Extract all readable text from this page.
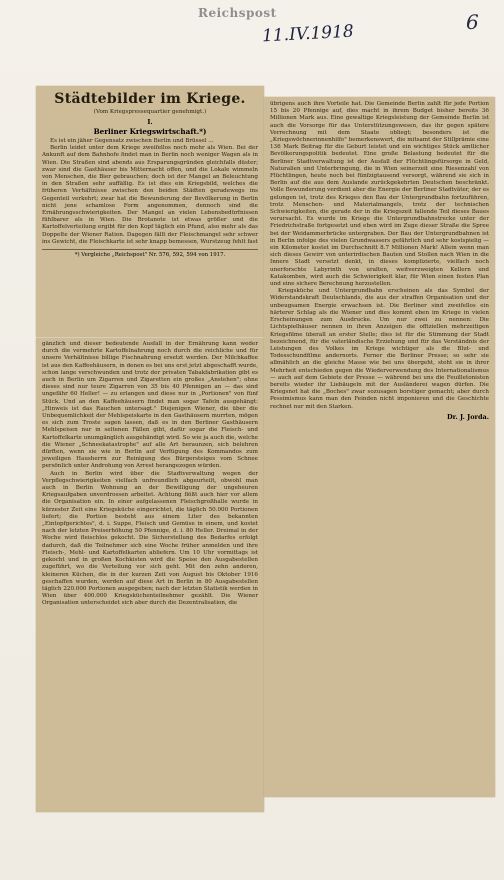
Reichspost
11.IV.1918	6
Städtebilder im Kriege.
(Vom Kriegspressequartier genehmigt.)
I.
Berliner Kriegswirtschaft.*)

Es ist ein jäher Gegensatz zwischen Berlin und Brüssel ...

Berlin leidet unter dem Kriege zweifellos noch mehr als Wien. Bei der Ankunft auf dem Bahnhofe findet man in Berlin noch weniger Wagen als in Wien. Die Straßen sind abends aus Ersparungsgründen gleichfalls düster; zwar sind die Gasthäuser bis Mitternacht offen, und die Lokale wimmeln von Menschen, die Bier gebrauchen; doch ist der Mangel an Beleuchtung in den Straßen sehr auffällig. Es ist dies ein Kriegsbild, welches die früheren Verhältnisse zwischen den beiden Städten geradewegs ins Gegenteil verkehrt; zwar hat die Bewunderung der Bevölkerung in Berlin nicht jene schamlose Form angenommen, dennoch sind die Ernährungsschwierigkeiten. Der Mangel an vielen Lebensbedürfnissen fühlbarer als in Wien. Die Brotanote ist etwas größer und die Kartoffelverteilung ergibt für den Kopf täglich ein Pfund, also mehr als das Doppelte der Wiener Ration. Dagegen fällt der Fleischmangel sehr schwer ins Gewicht, die Fleischkarte ist sehr knapp bemessen, Wurstzeug fehlt fast

*) Vergleiche „Reichspost" Nr. 576, 592, 594 von 1917.

gänzlich und dieser bedeutende Ausfall in der Ernährung kann weder durch die vermehrte Kartoffelnahrung noch durch die reichliche und für unsere Verhältnisse billige Fischnahrung ersetzt werden. Der Milchkaffee ist aus den Kaffeehäusern, in denen es bei uns erst jetzt abgeschafft wurde, schon lange verschwunden und trotz der privaten Tabakfabrikation gibt es auch in Berlin um Zigarren und Zigaretten ein großes „Anstehen"; ohne dieses sind nur teure Zigarren von 35 bis 40 Pfennigen an — das sind ungefähr 60 Heller! — zu erlangen und diese nur in „Portionen" von fünf Stück. Und an den Kaffeehäusern findet man sogar Tafeln ausgehängt: „Hinweis ist das Rauchen untersagt." Diejenigen Wiener, die über die Unbequemlichkeit der Mehlspeiskarte in den Gasthäusern murrten, mögen es sich zum Troste sagen lassen, daß es in den Berliner Gasthäusern Mehlspeisen nur in seltenen Fällen gibt, dafür sogar die Fleisch- und Kartoffelkarte unumgänglich ausgehändigt wird. So wie ja auch die, welche die Wiener „Schneekatastrophe" auf alle Art beraunzen, sich belehren dürften, wenn sie wie in Berlin auf Verfügung des Kommandos zum jeweiligen Hausherrn zur Reinigung des Bürgersteiges vom Schnee persönlich unter Androhung von Arrest herangezogen würden.

Auch in Berlin wird über die Stadtverwaltung wegen der Verpflegschwierigkeiten vielfach unfreundlich abgeurteilt, obwohl man auch in Berlin Wohnung an der Bewilligung der ungeheuren Kriegsaufgaben unverdrossen arbeitet. Achtung flößt auch hier vor allem die Organisation ein. In einer aufgelassenen Fleischgroßhalle wurde in kürzester Zeit eine Kriegsküche eingerichtet, die täglich 50.000 Portionen liefert; die Portion besteht aus einem Liter des bekannten „Eintopfgerichtes", d. i. Suppe, Fleisch und Gemüse in einem, und kostet nach der letzten Preiserhöhung 50 Pfennige, d. i. 80 Heller. Dreimal in der Woche wird fleischlos gekocht. Die Sicherstellung des Bedarfes erfolgt dadurch, daß die Teilnehmer sich eine Woche früher anmelden und ihre Fleisch-, Mehl- und Kartoffelkarten abliefern. Um 10 Uhr vormittags ist gekocht und in großen Kochkisten wird die Speise den Ausgabestellen zugeführt, wo die Verteilung vor sich geht. Mit den zehn anderen, kleineren Küchen, die in der kurzen Zeit von August bis Oktober 1916 geschaffen wurden, werden auf diese Art in Berlin in 80 Ausgabestellen täglich 220.000 Portionen ausgegeben; nach der letzten Statistik werden in Wien über 400.000 Kriegsküchenteilnehmer gezählt. Die Wiener Organisation unterscheidet sich aber durch die Dezentralisation, die

übrigens auch ihre Vorteile hat. Die Gemeinde Berlin zahlt für jede Portion 15 bis 20 Pfennige auf, dies macht in ihrem Budget bisher bereits 36 Millionen Mark aus. Eine gewaltige Kriegsleistung der Gemeinde Berlin ist auch die Vorsorge für das Unterstützungswesen, das ihr gegen spätere Verrechnung mit dem Staate obliegt; besonders ist die „Kriegswöchnerinnenhilfe" bemerkenswert, die mitsamt der Stillprämie eine 136 Mark Beitrag für die Geburt leistet und ein wichtiges Stück amtlicher Bevölkerungspolitik bedeutet. Eine große Belastung bedeutet für die Berliner Stadtverwaltung ist der Ausfall der Flüchtlingsfürsorge in Geld, Naturalien und Unterbringung, die in Wien seinerzeit eine Riesenzahl von Flüchtlingen, heute noch bei fünfzigtausend versorgt, während sie sich in Berlin auf die aus dem Auslande zurückgekehrten Deutschen beschränkt. Volle Bewunderung verdient aber die Energie der Berliner Stadtväter, der es gelungen ist, trotz des Krieges den Bau der Untergrundbahn fortzuführen, trotz Menschen- und Materialmangels, trotz der technischen Schwierigkeiten, die gerade der in die Kriegszeit fallende Teil dieses Baues verursacht. Es wurde im Kriege die Untergrundbahnstrecke unter der Friedrichstraße fortgesetzt und eben wird im Zuge dieser Straße die Spree bei der Weidammerbrücke untergraben. Der Bau der Untergrundbahnen ist in Berlin infolge des vielen Grundwassers gefährlich und sehr kostspielig — ein Kilometer kostet im Durchschnitt 8.7 Millionen Mark! Allein wenn man sich dieses Gewirr von unterirdischen Bauten und Stollen nach Wien in die Innere Stadt versetzt denkt, in dieses komplizierte, vielfach noch unerforschte Labyrinth von uralten, weitverzweigten Kellern und Katakomben, wird auch die Schwierigkeit klar, für Wien einen festen Plan und eine sichere Berechnung herzustellen.

Kriegsküche und Untergrundbahn erscheinen als das Symbol der Widerstandskraft Deutschlands, die aus der straffen Organisation und der unbeugsamen Energie erwachsen ist. Die Berliner sind zweifellos ein härterer Schlag als die Wiener und dies kommt eben im Kriege in vielen Erscheinungen zum Ausdrucke. Um nur zwei zu nennen: Die Lichtspielhäuser nennen in ihren Anzeigen die offiziellen mehrzeitigen Kriegsfilme überall an erster Stelle; dies ist für die Stimmung der Stadt bezeichnend, für die vaterländische Erziehung und für das Verständnis der Leistungen des Volkes im Kriege wichtiger als die Blut- und Todesschundfilme andernorts. Ferner die Berliner Presse; so sehr sie allmählich an die gleiche Masse wie bei uns übergeht, steht sie in ihrer Mehrheit entschieden gegen die Wiederverwendung des Internationalismus — auch auf dem Gebiete der Presse — während bei uns die Feuilletonisten bereits wieder ihr Liebäugeln mit der Ausländerei wagen dürfen. Die Kriegsnot hat die „Boches" zwar sozusagen borstiger gemacht; aber durch Pessimismus kann man den Feinden nicht imponieren und die Geschichte rechnet nur mit den Starken.

Dr. J. Jorda.
